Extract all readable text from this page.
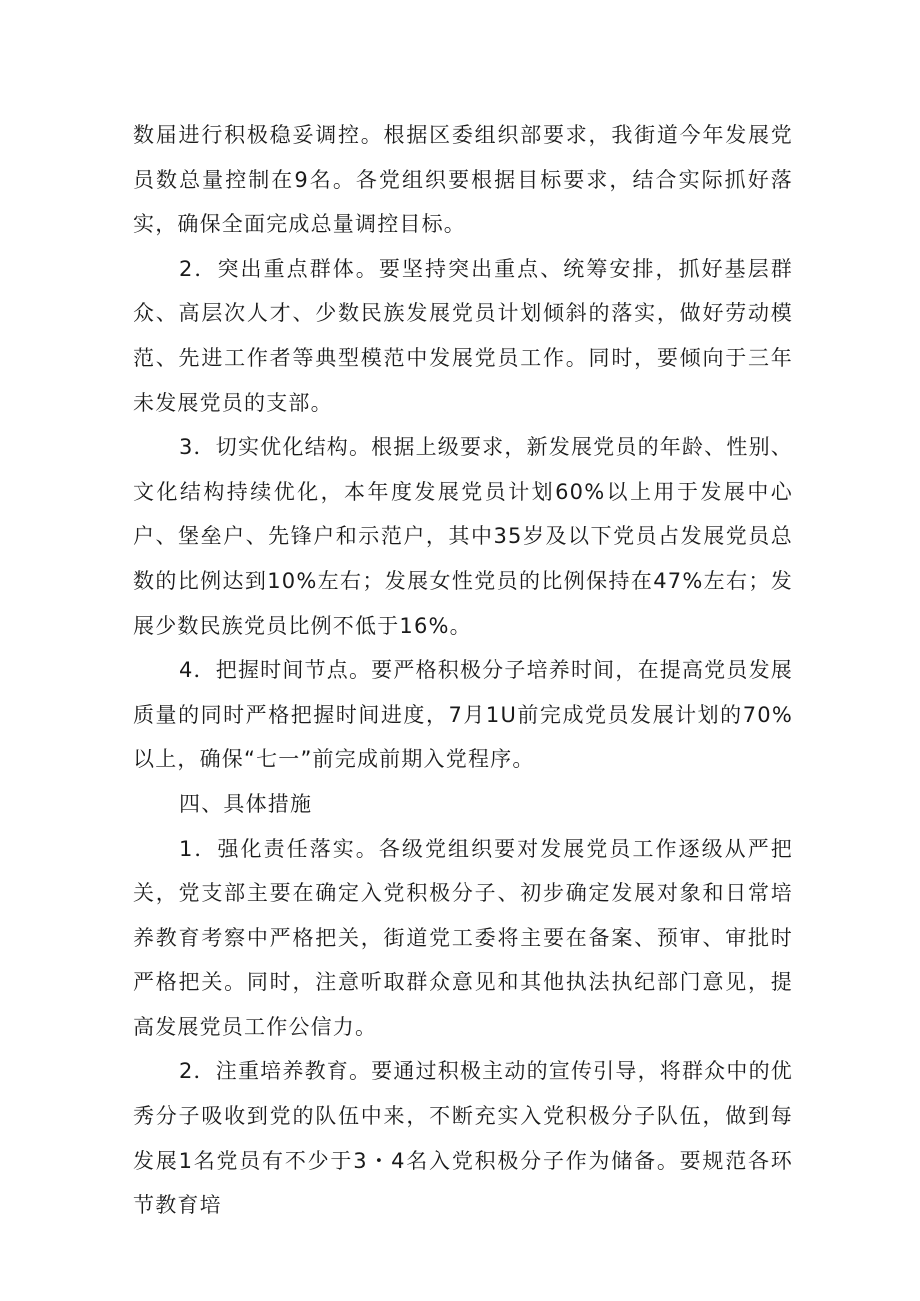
数届进行积极稳妥调控。根据区委组织部要求，我街道今年发展党员数总量控制在9名。各党组织要根据目标要求，结合实际抓好落实，确保全面完成总量调控目标。

2．突出重点群体。要坚持突出重点、统筹安排，抓好基层群众、高层次人才、少数民族发展党员计划倾斜的落实，做好劳动模范、先进工作者等典型模范中发展党员工作。同时，要倾向于三年未发展党员的支部。

3．切实优化结构。根据上级要求，新发展党员的年龄、性别、文化结构持续优化，本年度发展党员计划60%以上用于发展中心户、堡垒户、先锋户和示范户，其中35岁及以下党员占发展党员总数的比例达到10%左右；发展女性党员的比例保持在47%左右；发展少数民族党员比例不低于16%。

4．把握时间节点。要严格积极分子培养时间，在提高党员发展质量的同时严格把握时间进度，7月1U前完成党员发展计划的70%以上，确保“七一”前完成前期入党程序。

四、具体措施

1．强化责任落实。各级党组织要对发展党员工作逐级从严把关，党支部主要在确定入党积极分子、初步确定发展对象和日常培养教育考察中严格把关，街道党工委将主要在备案、预审、审批时严格把关。同时，注意听取群众意见和其他执法执纪部门意见，提高发展党员工作公信力。

2．注重培养教育。要通过积极主动的宣传引导，将群众中的优秀分子吸收到党的队伍中来，不断充实入党积极分子队伍，做到每发展1名党员有不少于3・4名入党积极分子作为储备。要规范各环节教育培
